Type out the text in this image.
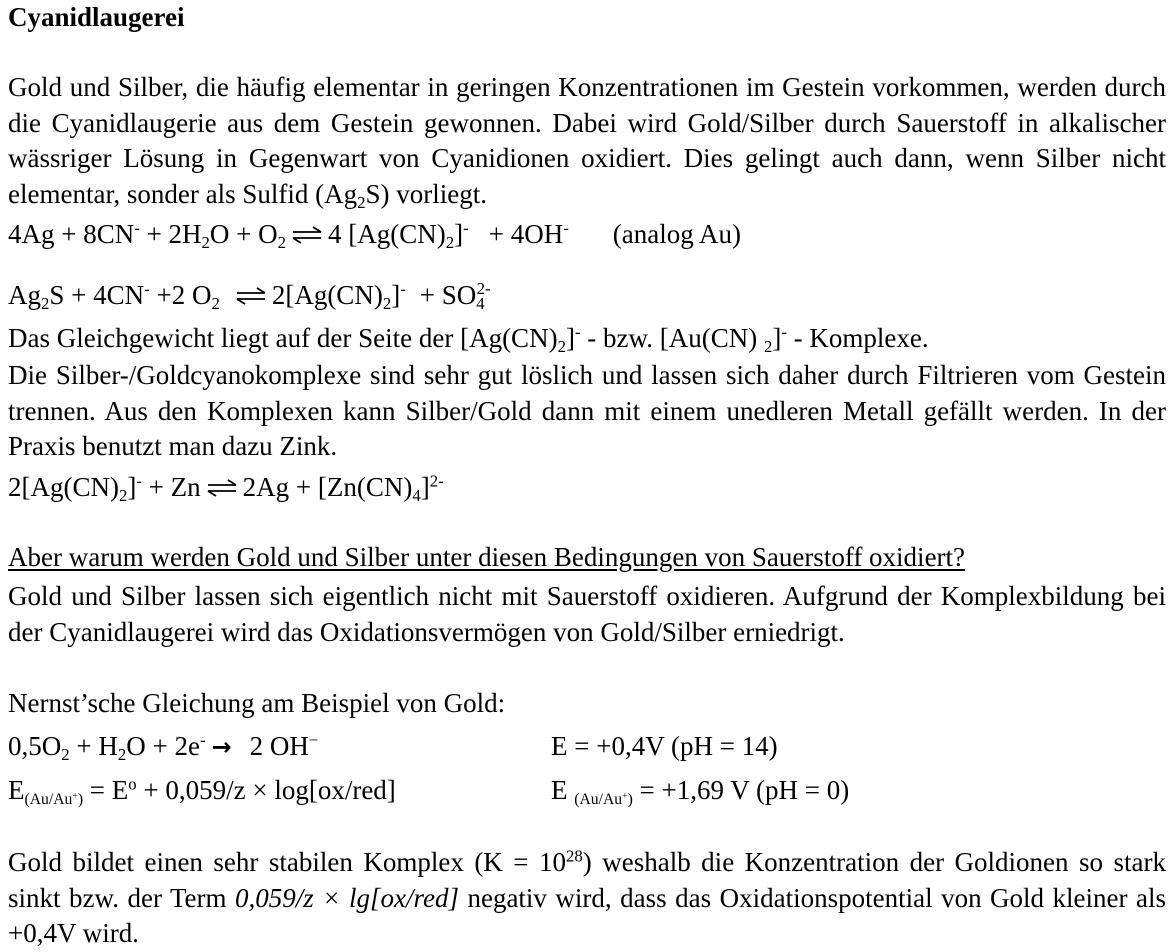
Cyanidlaugerei
Gold und Silber, die häufig elementar in geringen Konzentrationen im Gestein vorkommen, werden durch die Cyanidlaugerie aus dem Gestein gewonnen. Dabei wird Gold/Silber durch Sauerstoff in alkalischer wässriger Lösung in Gegenwart von Cyanidionen oxidiert. Dies gelingt auch dann, wenn Silber nicht elementar, sonder als Sulfid $(Ag_2S)$ vorliegt.
$4Ag + 8CN^- + 2H_2O + O_2$ ⇌ 4 $[Ag(CN)_2]^- + 4OH^-$ (analog Au)
$Ag_2S + 4CN^- +2$ $O_2$ ⇌ $2[Ag(CN)_2]^- + SO_4^{2-}$
Das Gleichgewicht liegt auf der Seite der $[Ag(CN)_2]^-$ - bzw. [Au(CN) $_2$]- - Komplexe.
Die Silber-/Goldcyanokomplexe sind sehr gut löslich und lassen sich daher durch Filtrieren vom Gestein trennen. Aus den Komplexen kann Silber/Gold dann mit einem unedleren Metall gefällt werden. In der Praxis benutzt man dazu Zink.
$2[Ag(CN)_2]^- + Zn$ ⇌ $2Ag + [Zn(CN)_4]^{2-}$
Aber warum werden Gold und Silber unter diesen Bedingungen von Sauerstoff oxidiert?
Gold und Silber lassen sich eigentlich nicht mit Sauerstoff oxidieren. Aufgrund der Komplexbildung bei der Cyanidlaugerei wird das Oxidationsvermögen von Gold/Silber erniedrigt.
Nernst’sche Gleichung am Beispiel von Gold:
$0,5O_2 + H_2O + 2e^- \to 2$ OH−	E = +0,4V (pH = 14)
$E_{(Au/Au^+)} = E^o + 0,059/z \times \log[ox/red]$	E $_{(Au/Au^+)}$ = +1,69 V (pH = 0)
Gold bildet einen sehr stabilen Komplex $(K = 10^{28})$ weshalb die Konzentration der Goldionen so stark sinkt bzw. der Term 0,059/z × lg[ox/red] negativ wird, dass das Oxidationspotential von Gold kleiner als +0,4V wird.
